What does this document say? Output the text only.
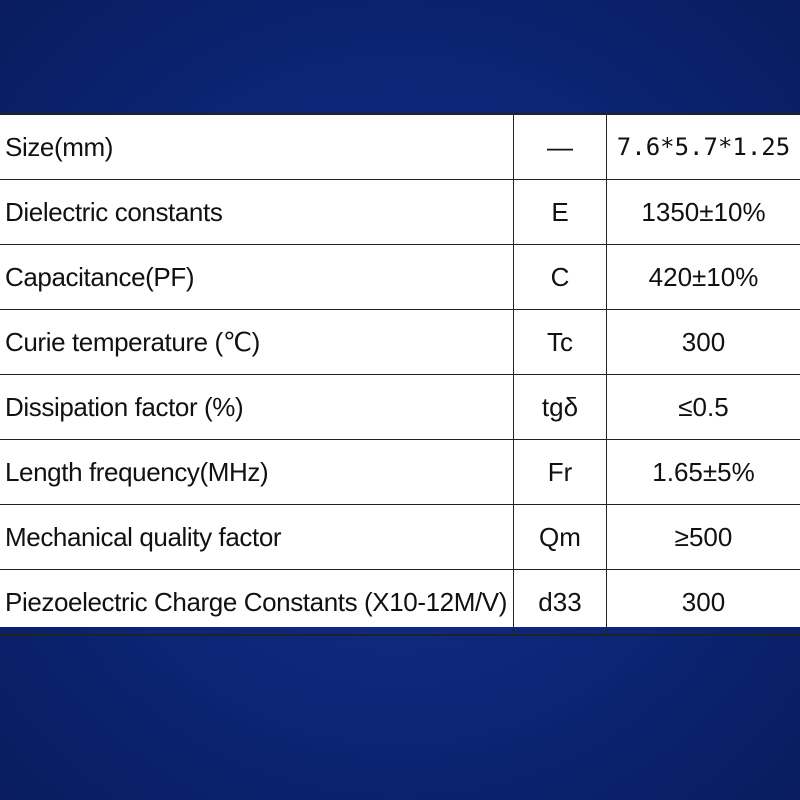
Size(mm)	—	7.6*5.7*1.25
Dielectric constants	E	1350±10%
Capacitance(PF)	C	420±10%
Curie temperature (℃)	Tc	300
Dissipation factor (%)	tgδ	≤0.5
Length frequency(MHz)	Fr	1.65±5%
Mechanical quality factor	Qm	≥500
Piezoelectric Charge Constants (X10-12M/V)	d33	300
